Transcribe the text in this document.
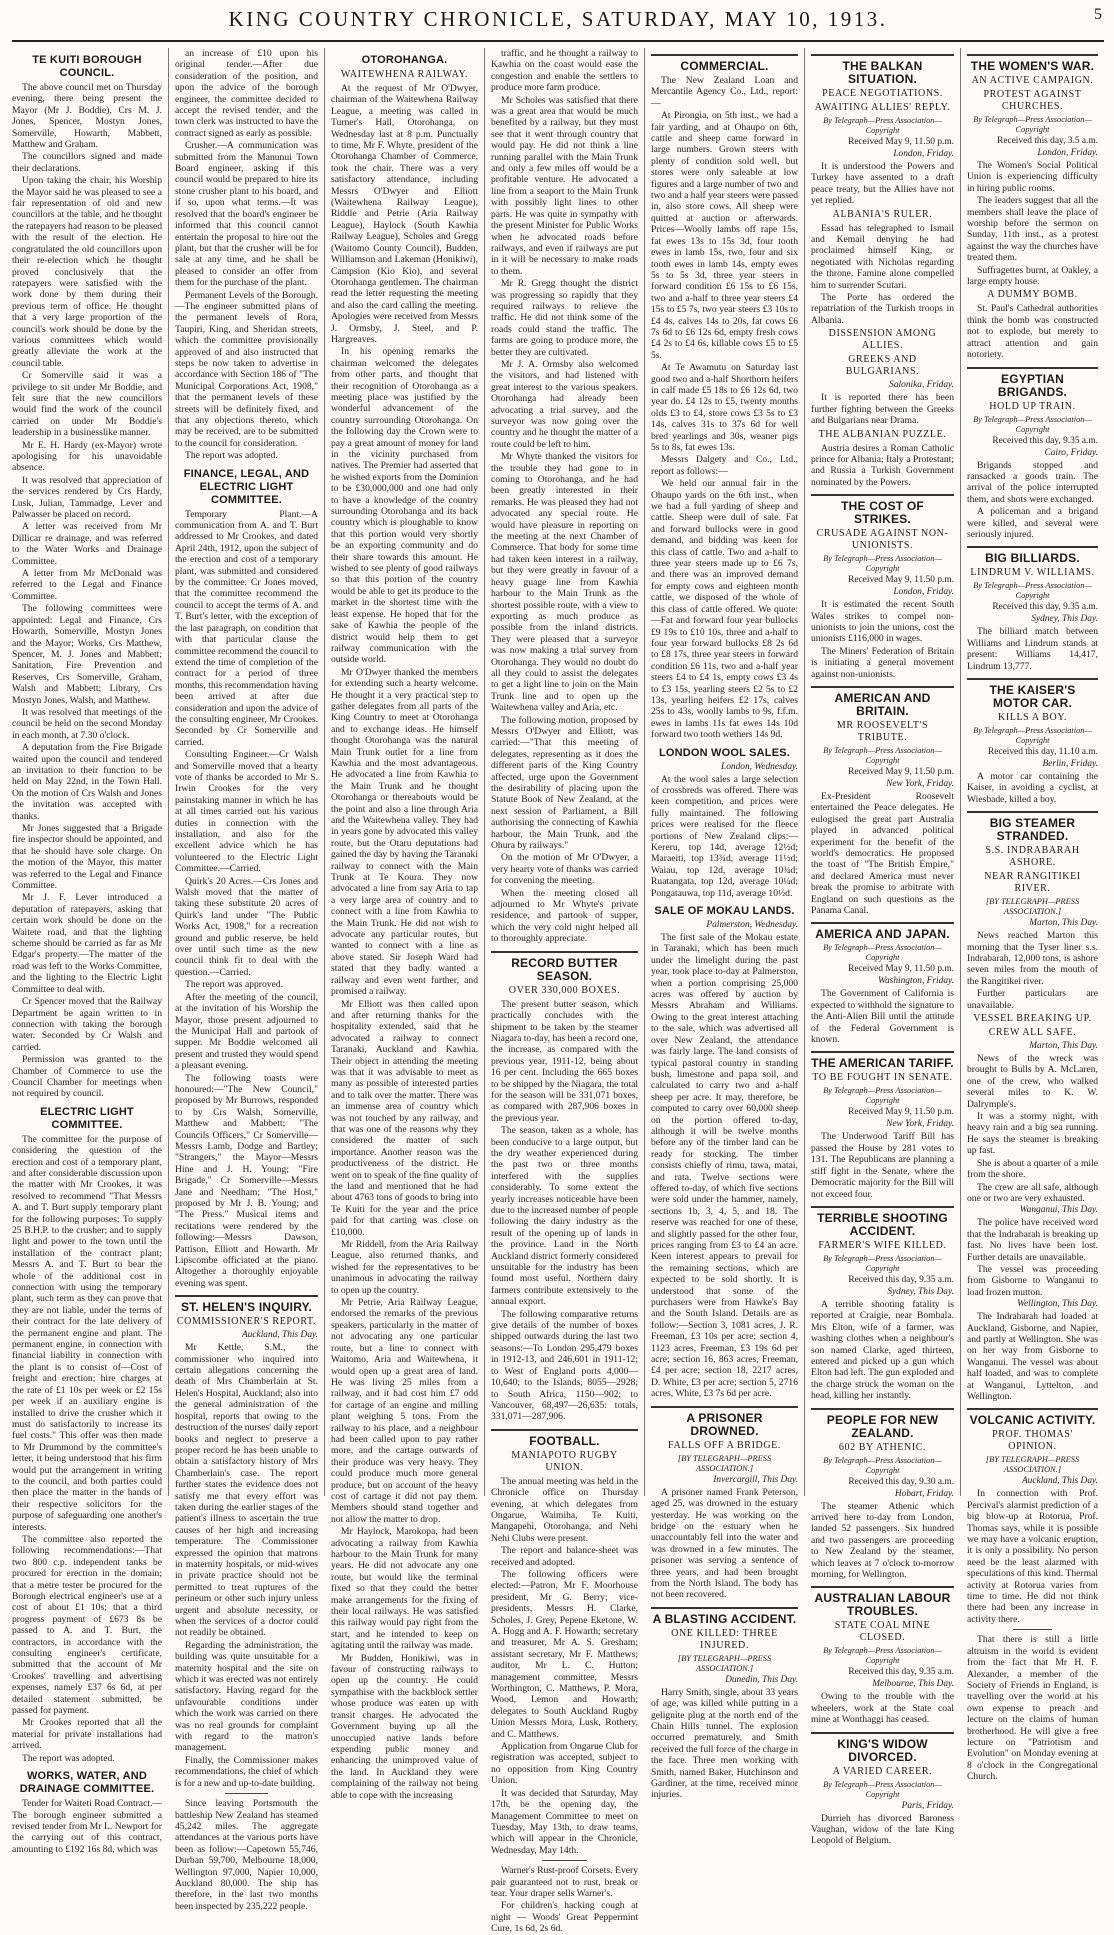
KING COUNTRY CHRONICLE, SATURDAY, MAY 10, 1913.	5
TE KUITI BOROUGH COUNCIL.

The above council met on Thursday evening, there being present the Mayor (Mr J. Boddie), Crs M. J. Jones, Spencer, Mostyn Jones, Somerville, Howarth, Mabbett, Matthew and Graham.

The councillors signed and made their declarations.

Upon taking the chair, his Worship the Mayor said he was pleased to see a fair representation of old and new councillors at the table, and he thought the ratepayers had reason to be pleased with the result of the election. He congratulated the old councillors upon their re-election which he thought proved conclusively that the ratepayers were satisfied with the work done by them during their previous term of office. He thought that a very large proportion of the council's work should be done by the various committees which would greatly alleviate the work at the council table.

Cr Somerville said it was a privilege to sit under Mr Boddie, and felt sure that the new councillors would find the work of the council carried on under Mr Boddie's leadership in a businesslike manner.

Mr E. H. Hardy (ex-Mayor) wrote apologising for his unavoidable absence.

It was resolved that appreciation of the services rendered by Crs Hardy, Lusk, Julian, Tammadge, Lever and Palwasser be placed on record.

A letter was received from Mr Dillicar re drainage, and was referred to the Water Works and Drainage Committee.

A letter from Mr McDonald was referred to the Legal and Finance Committee.

The following committees were appointed: Legal and Finance, Crs Howarth, Somerville, Mostyn Jones and the Mayor; Works, Crs Matthew, Spencer, M. J. Jones and Mabbett; Sanitation, Fire Prevention and Reserves, Crs Somerville, Graham, Walsh and Mabbett; Library, Crs Mostyn Jones, Walsh, and Matthew.

It was resolved that meetings of the council be held on the second Monday in each month, at 7.30 o'clock.

A deputation from the Fire Brigade waited upon the council and tendered an invitation to their function to be held on May 22nd, in the Town Hall. On the motion of Crs Walsh and Jones the invitation was accepted with thanks.

Mr Jones suggested that a Brigade fire inspector should be appointed, and that he should have sole charge. On the motion of the Mayor, this matter was referred to the Legal and Finance Committee.

Mr J. F. Lever introduced a deputation of ratepayers, asking that certain work should be done on the Waitete road, and that the lighting scheme should be carried as far as Mr Edgar's property.—The matter of the road was left to the Works Committee, and the lighting to the Electric Light Committee to deal with.

Cr Spencer moved that the Railway Department be again written to in connection with taking the borough water. Seconded by Cr Walsh and carried.

Permission was granted to the Chamber of Commerce to use the Council Chamber for meetings when not required by council.

ELECTRIC LIGHT COMMITTEE.

The committee for the purpose of considering the question of the erection and cost of a temporary plant, and after considerable discussion upon the matter with Mr Crookes, it was resolved to recommend "That Messrs A. and T. Burt supply temporary plant for the following purposes: To supply 25 B.H.P. to the crusher; and to supply light and power to the town until the installation of the contract plant; Messrs A. and T. Burt to bear the whole of the additional cost in connection with using the temporary plant, such term as they can prove that they are not liable, under the terms of their contract for the late delivery of the permanent engine and plant. The permanent engine, in connection with financial liability in connection with the plant is to consist of—Cost of freight and erection; hire charges at the rate of £1 10s per week or £2 15s per week if an auxiliary engine is installed to drive the crusher which it must do satisfactorily to increase its fuel costs." This offer was then made to Mr Drummond by the committee's letter, it being understood that his firm would put the arrangement in writing to the council, and both parties could then place the matter in the hands of their respective solicitors for the purpose of safeguarding one another's interests.

The committee also reported the following recommendations:—That two 800 c.p. independent tanks be procured for erection in the domain; that a metre tester be procured for the Borough electrical engineer's use at a cost of about £1 10s; that a third progress payment of £673 8s be passed to A. and T. Burt, the contractors, in accordance with the consulting engineer's certificate, submitted that the account of Mr Crookes' travelling and advertising expenses, namely £37 6s 6d, at per detailed statement submitted, be passed for payment.

Mr Crookes reported that all the material for private installations had arrived.

The report was adopted.

WORKS, WATER, AND DRAINAGE COMMITTEE.

Tender for Waiteti Road Contract.—The borough engineer submitted a revised tender from Mr L. Newport for the carrying out of this contract, amounting to £192 16s 8d, which was

an increase of £10 upon his original tender.—After due consideration of the position, and upon the advice of the borough engineer, the committee decided to accept the revised tender, and the town clerk was instructed to have the contract signed as early as possible.

Crusher.—A communication was submitted from the Manunui Town Board engineer, asking if this council would be prepared to hire its stone crusher plant to his board, and if so, upon what terms.—It was resolved that the board's engineer be informed that this council cannot entertain the proposal to hire out the plant, but that the crusher will be for sale at any time, and he shall be pleased to consider an offer from them for the purchase of the plant.

Permanent Levels of the Borough.—The engineer submitted plans of the permanent levels of Rora, Taupiri, King, and Sheridan streets, which the committee provisionally approved of and also instructed that steps be now taken to advertise in accordance with Section 186 of "The Municipal Corporations Act, 1908," that the permanent levels of these streets will be definitely fixed, and that any objections thereto, which may be received, are to be submitted to the council for consideration.

The report was adopted.

FINANCE, LEGAL, AND ELECTRIC LIGHT COMMITTEE.

Temporary Plant.—A communication from A. and T. Burt addressed to Mr Crookes, and dated April 24th, 1912, upon the subject of the erection and cost of a temporary plant, was submitted and considered by the committee. Cr Jones moved, that the committee recommend the council to accept the terms of A. and T. Burt's letter, with the exception of the last paragraph, on condition that with that particular clause the committee recommend the council to extend the time of completion of the contract for a period of three months, this recommendation having been arrived at after due consideration and upon the advice of the consulting engineer, Mr Crookes. Seconded by Cr Somerville and carried.

Consulting Engineer.—Cr Walsh and Somerville moved that a hearty vote of thanks be accorded to Mr S. Irwin Crookes for the very painstaking manner in which he has at all times carried out his various duties in connection with the installation, and also for the excellent advice which he has volunteered to the Electric Light Committee.—Carried.

Quirk's 20 Acres.—Crs Jones and Walsh moved that the matter of taking these substitute 20 acres of Quirk's land under "The Public Works Act, 1908," for a recreation ground and public reserve, be held over until such time as the new council think fit to deal with the question.—Carried.

The report was approved.

After the meeting of the council, at the invitation of his Worship the Mayor, those present adjourned to the Municipal Hall and partook of supper. Mr Boddie welcomed all present and trusted they would spend a pleasant evening.

The following toasts were honoured:—"The New Council," proposed by Mr Burrows, responded to by Crs Walsh, Somerville, Matthew and Mabbett; "The Councils Officers," Cr Somerville—Messrs Lamb, Dodge and Bartley; "Strangers," the Mayor—Messrs Hine and J. H. Young; "Fire Brigade," Cr Somerville—Messrs Jane and Needham; "The Host," proposed by Mr J. B. Young; and "The Press." Musical items and recitations were rendered by the following:—Messrs Dawson, Pattison, Elliott and Howarth. Mr Lipscombe officiated at the piano. Altogether a thoroughly enjoyable evening was spent.

ST. HELEN'S INQUIRY.
COMMISSIONER'S REPORT.
Auckland, This Day.

Mr Kettle, S.M., the commissioner who inquired into certain allegations concerning the death of Mrs Chamberlain at St. Helen's Hospital, Auckland; also into the general administration of the hospital, reports that owing to the destruction of the nurses' daily report books and neglect to preserve a proper record he has been unable to obtain a satisfactory history of Mrs Chamberlain's case. The report further states the evidence does not satisfy me that every effort was taken during the earlier stages of the patient's illness to ascertain the true causes of her high and increasing temperature. The Commissioner expressed the opinion that matrons in maternity hospitals, or mid-wives in private practice should not be permitted to treat ruptures of the perineum or other such injury unless urgent and absolute necessity, or when the services of a doctor could not readily be obtained.

Regarding the administration, the building was quite unsuitable for a maternity hospital and the site on which it was erected was not entirely satisfactory. Having regard for the unfavourable conditions under which the work was carried on there was no real grounds for complaint with regard to the matron's management.

Finally, the Commissioner makes recommendations, the chief of which is for a new and up-to-date building.

Since leaving Portsmouth the battleship New Zealand has steamed 45,242 miles. The aggregate attendances at the various ports have been as follow:—Capetown 55,746, Durban 59,700, Melbourne 18,000, Wellington 97,000, Napier 10,000, Auckland 80,000. The ship has therefore, in the last two months been inspected by 235,222 people.

OTOROHANGA.
WAITEWHENA RAILWAY.

At the request of Mr O'Dwyer, chairman of the Waitewhena Railway League, a meeting was called in Turner's Hall, Otorohanga, on Wednesday last at 8 p.m. Punctually to time, Mr F. Whyte, president of the Otorohanga Chamber of Commerce, took the chair. There was a very satisfactory attendance, including Messrs O'Dwyer and Elliott (Waitewhena Railway League), Riddle and Petrie (Aria Railway League), Haylock (South Kawhia Railway League), Scholes and Gregg (Waitomo County Council), Budden, Williamson and Lakeman (Honikiwi), Campsion (Kio Kio), and several Otorohanga gentlemen. The chairman read the letter requesting the meeting and also the card calling the meeting. Apologies were received from Messrs J. Ormsby, J. Steel, and P. Hargreaves.

In his opening remarks the chairman welcomed the delegates from other parts, and thought that their recognition of Otorohanga as a meeting place was justified by the wonderful advancement of the country surrounding Otorohanga. On the following day the Crown were to pay a great amount of money for land in the vicinity purchased from natives. The Premier had asserted that he wished exports from the Dominion to be £30,000,000 and one had only to have a knowledge of the country surrounding Otorohanga and its back country which is ploughable to know that this portion would very shortly be an exporting community and do their share towards this amount. He wished to see plenty of good railways so that this portion of the country would be able to get its produce to the market in the shortest time with the least expense. He hoped that for the sake of Kawhia the people of the district would help them to get railway communication with the outside world.

Mr O'Dwyer thanked the members for extending such a hearty welcome. He thought it a very practical step to gather delegates from all parts of the King Country to meet at Otorohanga and to exchange ideas. He himself thought Otorohanga was the natural Main Trunk outlet for a line from Kawhia and the most advantageous. He advocated a line from Kawhia to the Main Trunk and he thought Otorohanga or thereabouts would be the point and also a line through Aria and the Waitewhena valley. They had in years gone by advocated this valley route, but the Otaru deputations had gained the day by having the Taranaki railway to connect with the Main Trunk at Te Koura. They now advocated a line from say Aria to tap a very large area of country and to connect with a line from Kawhia to the Main Trunk. He did not wish to advocate any particular routes, but wanted to connect with a line as above stated. Sir Joseph Ward had stated that they badly wanted a railway and even went further, and promised a railway.

Mr Elliott was then called upon and after returning thanks for the hospitality extended, said that he advocated a railway to connect Taranaki, Auckland and Kawhia. Their object in attending the meeting was that it was advisable to meet as many as possible of interested parties and to talk over the matter. There was an immense area of country which was not touched by any railway, and that was one of the reasons why they considered the matter of such importance. Another reason was the productiveness of the district. He went on to speak of the fine quality of the land and mentioned that he had about 4763 tons of goods to bring into Te Kuiti for the year and the price paid for that carting was close on £10,000.

Mr Riddell, from the Aria Railway League, also returned thanks, and wished for the representatives to be unanimous in advocating the railway to open up the country.

Mr Petrie, Aria Railway League, endorsed the remarks of the previous speakers, particularly in the matter of not advocating any one particular route, but a line to connect with Waitomo, Aria and Waitewhena, it would open up a great area of land. He was living 25 miles from a railway, and it had cost him £7 odd for cartage of an engine and milling plant weighing 5 tons. From the railway to his place, and a neighbour had been called upon to pay rather more, and the cartage outwards of their produce was very heavy. They could produce much more general produce, but on account of the heavy cost of cartage it did not pay them. Members should stand together and not allow the matter to drop.

Mr Haylock, Marokopa, had been advocating a railway from Kawhia harbour to the Main Trunk for many years. He did not advocate any one route, but would like the terminal fixed so that they could the better make arrangements for the fixing of their local railways. He was satisfied this railway would pay right from the start, and he intended to keep on agitating until the railway was made.

Mr Budden, Honikiwi, was in favour of constructing railways to open up the country. He could sympathise with the backblock settler whose produce was eaten up with transit charges. He advocated the Government buying up all the unoccupied native lands before expending public money and enhancing the unimproved value of the land. In Auckland they were complaining of the railway not being able to cope with the increasing

traffic, and he thought a railway to Kawhia on the coast would ease the congestion and enable the settlers to produce more farm produce.

Mr Scholes was satisfied that there was a great area that would be much benefited by a railway, but they must see that it went through country that would pay. He did not think a line running parallel with the Main Trunk and only a few miles off would be a profitable venture. He advocated a line from a seaport to the Main Trunk with possibly light lines to other parts. He was quite in sympathy with the present Minister for Public Works when he advocated roads before railways, and even if railways are put in it will be necessary to make roads to them.

Mr R. Gregg thought the district was progressing so rapidly that they required railways to relieve the traffic. He did not think some of the roads could stand the traffic. The farms are going to produce more, the better they are cultivated.

Mr J. A. Ormsby also welcomed the visitors, and had listened with great interest to the various speakers. Otorohanga had already been advocating a trial survey, and the surveyor was now going over the country and he thought the matter of a route could be left to him.

Mr Whyte thanked the visitors for the trouble they had gone to in coming to Otorohanga, and he had been greatly interested in their remarks. He was pleased they had not advocated any special route. He would have pleasure in reporting on the meeting at the next Chamber of Commerce. That body for some time had taken keen interest in a railway, but they were greatly in favour of a heavy guage line from Kawhia harbour to the Main Trunk as the shortest possible route, with a view to exporting as much produce as possible from the inland districts. They were pleased that a surveyor was now making a trial survey from Otorohanga. They would no doubt do all they could to assist the delegates to get a light line to join on the Main Trunk line and to open up the Waitewhena valley and Aria, etc.

The following motion, proposed by Messrs O'Dwyer and Elliott, was carried:—"That this meeting of delegates, representing as it does the different parts of the King Country affected, urge upon the Government the desirability of placing upon the Statute Book of New Zealand, at the next session of Parliament, a Bill authorising the connecting of Kawhia harbour, the Main Trunk, and the Ohura by railways."

On the motion of Mr O'Dwyer, a very hearty vote of thanks was carried for convening the meeting.

When the meeting closed all adjourned to Mr Whyte's private residence, and partook of supper, which the very cold night helped all to thoroughly appreciate.

RECORD BUTTER SEASON.
OVER 330,000 BOXES.

The present butter season, which practically concludes with the shipment to be taken by the steamer Niagara to-day, has been a record one, the increase, as compared with the previous year, 1911-12, being about 16 per cent. Including the 665 boxes to be shipped by the Niagara, the total for the season will be 331,071 boxes, as compared with 287,906 boxes in the previous year.

The season, taken as a whole, has been conducive to a large output, but the dry weather experienced during the past two or three months interfered with the supplies considerably. To some extent the yearly increases noticeable have been due to the increased number of people following the dairy industry as the result of the opening up of lands in the province. Land in the North Auckland district formerly considered unsuitable for the industry has been found most useful. Northern dairy farmers contribute extensively to the annual export.

The following comparative returns give details of the number of boxes shipped outwards during the last two seasons:—To London 295,479 boxes in 1912-13, and 246,601 in 1911-12; to West of England ports 4,000—10,640; to the Islands, 8055—2928; to South Africa, 1150—902; to Vancouver, 68,497—26,635: totals, 331,071—287,906.

FOOTBALL.
MANIAPOTO RUGBY UNION.

The annual meeting was held in the Chronicle office on Thursday evening, at which delegates from Ongarue, Waimiha, Te Kuiti, Mangapehi, Otorohanga, and Nehi Nehi Clubs were present.

The report and balance-sheet was received and adopted.

The following officers were elected:—Patron, Mr F. Moorhouse president, Mr G. Berry; vice-presidents, Messrs H. Clarke, Scholes, J. Grey, Pepene Eketone, W. A. Hogg and A. F. Howarth; secretary and treasurer, Mr A. S. Gresham; assistant secretary, Mr F. Matthews; auditor, Mr L. C. Hutton; management committee, Messrs Worthington, C. Matthews, P. Mora, Wood, Lemon and Howarth; delegates to South Auckland Rugby Union Messrs Mora, Lusk, Rothery, and C. Matthews.

Application from Ongarue Club for registration was accepted, subject to no opposition from King Country Union.

It was decided that Saturday, May 17th, be the opening day, the Management Committee to meet on Tuesday, May 13th, to draw teams, which will appear in the Chronicle, Wednesday, May 14th.

Warner's Rust-proof Corsets. Every pair guaranteed not to rust, break or tear. Your draper sells Warner's.

For children's hacking cough at night — Woods' Great Peppermint Cure, 1s 6d, 2s 6d.

COMMERCIAL.

The New Zealand Loan and Mercantile Agency Co., Ltd., report:—

At Pirongia, on 5th inst., we had a fair yarding, and at Ohaupo on 6th, cattle and sheep came forward in large numbers. Grown steers with plenty of condition sold well, but stores were only saleable at low figures and a large number of two and two and a half year steers were passed in, also store cows. All sheep were quitted at auction or afterwards. Prices—Woolly lambs off rape 15s, fat ewes 13s to 15s 3d, four tooth ewes in lamb 15s, two, four and six tooth ewes in lamb 14s, empty ewes 5s to 5s 3d, three year steers in forward condition £6 15s to £6 15s, two and a-half to three year steers £4 15s to £5 7s, two year steers £3 10s to £4 4s, calves 14s to 20s, fat cows £6 7s 6d to £6 12s 6d, empty fresh cows £4 2s to £4 6s, killable cows £5 to £5 5s.

At Te Awamutu on Saturday last good two and a-half Shorthorn heifers in calf made £5 18s to £6 12s 6d, two year do. £4 12s to £5, twenty months olds £3 to £4, store cows £3 5s to £3 14s, calves 31s to 37s 6d for well bred yearlings and 30s, weaner pigs 5s to 8s, fat ewes 13s.

Messrs Dalgety and Co., Ltd., report as follows:—

We held our annual fair in the Ohaupo yards on the 6th inst., when we had a full yarding of sheep and cattle. Sheep were dull of sale. Fat and forward bullocks were in good demand, and bidding was keen for this class of cattle. Two and a-half to three year steers made up to £6 7s, and there was an improved demand for empty cows and eighteen month cattle, we disposed of the whole of this class of cattle offered. We quote:—Fat and forward four year bullocks £9 19s to £10 10s, three and a-half to four year forward bullocks £8 2s 6d to £8 17s, three year steers in forward condition £6 11s, two and a-half year steers £4 to £4 1s, empty cows £3 4s to £3 15s, yearling steers £2 5s to £2 13s, yearling heifers £2 17s, calves 25s to 43s, woolly lambs to 9s, f.f.m. ewes in lambs 11s fat ewes 14s 10d forward two tooth wethers 14s 9d.

LONDON WOOL SALES.
London, Wednesday.

At the wool sales a large selection of crossbreds was offered. There was keen competition, and prices were fully maintained. The following prices were realised for the fleece portions of New Zealand clips:—Kereru, top 14d, average 12½d; Maraeiti, top 13¾d, average 11½d; Waiau, top 12d, average 10¾d; Ruatangata, top 12d, average 10¼d; Pongatauwa, top 11d, average 10½d.

SALE OF MOKAU LANDS.
Palmerston, Wednesday.

The first sale of the Mokau estate in Taranaki, which has been much under the limelight during the past year, took place to-day at Palmerston, when a portion comprising 25,000 acres was offered by auction by Messrs Abraham and Williams. Owing to the great interest attaching to the sale, which was advertised all over New Zealand, the attendance was fairly large. The land consists of typical pastoral country in standing bush, limestone and papa soil, and calculated to carry two and a-half sheep per acre. It may, therefore, be computed to carry over 60,000 sheep on the portion offered to-day, although it will be twelve months before any of the timber land can be ready for stocking. The timber consists chiefly of rimu, tawa, matai, and rata. Twelve sections were offered to-day, of which five sections were sold under the hammer, namely, sections 1b, 3, 4, 5, and 18. The reserve was reached for one of these, and slightly passed for the other four, prices ranging from £3 to £4 an acre. Keen interest appears to prevail for the remaining sections, which are expected to be sold shortly. It is understood that some of the purchasers were from Hawke's Bay and the South Island. Details are as follow:—Section 3, 1081 acres, J. R. Freeman, £3 10s per acre; section 4, 1123 acres, Freeman, £3 19s 6d per acre; section 16, 863 acres, Freeman, £4 per acre; section 18, 2217 acres, D. White, £3 per acre; section 5, 2716 acres, White, £3 7s 6d per acre.

A PRISONER DROWNED.
FALLS OFF A BRIDGE.
[BY TELEGRAPH—PRESS ASSOCIATION.]
Invercargill, This Day.

A prisoner named Frank Peterson, aged 25, was drowned in the estuary yesterday. He was working on the bridge on the estuary when he unaccountably fell into the water and was drowned in a few minutes. The prisoner was serving a sentence of three years, and had been brought from the North Island. The body has not been recovered.

A BLASTING ACCIDENT.
ONE KILLED: THREE INJURED.
[BY TELEGRAPH—PRESS ASSOCIATION.]
Dunedin, This Day.

Harry Smith, single, about 33 years of age, was killed while putting in a gelignite plug at the north end of the Chain Hills tunnel. The explosion occurred prematurely, and Smith received the full force of the charge in the face. Three men working with Smith, named Baker, Hutchinson and Gardiner, at the time, received minor injuries.

THE BALKAN SITUATION.
PEACE NEGOTIATIONS.
AWAITING ALLIES' REPLY.
By Telegraph—Press Association—Copyright
Received May 9, 11.50 p.m.
London, Friday.

It is understood the Powers and Turkey have assented to a draft peace treaty, but the Allies have not yet replied.

ALBANIA'S RULER.

Essad has telegraphed to Ismail and Kemail denying he had proclaimed himself King, or negotiated with Nicholas regarding the throne. Famine alone compelled him to surrender Scutari.

The Porte has ordered the repatriation of the Turkish troops in Albania.

DISSENSION AMONG ALLIES.
GREEKS AND BULGARIANS.
Salonika, Friday.

It is reported there has been further fighting between the Greeks and Bulgarians near Drama.

THE ALBANIAN PUZZLE.

Austria desires a Roman Catholic prince for Albania; Italy a Protestant; and Russia a Turkish Government nominated by the Powers.

THE COST OF STRIKES.
CRUSADE AGAINST NON-UNIONISTS.
By Telegraph—Press Association—Copyright
Received May 9, 11.50 p.m.
London, Friday.

It is estimated the recent South Wales strikes to compel non-unionists to join the unions, cost the unionists £116,000 in wages.

The Miners' Federation of Britain is initiating a general movement against non-unionists.

AMERICAN AND BRITAIN.
MR ROOSEVELT'S TRIBUTE.
By Telegraph—Press Association—Copyright
Received May 9, 11.50 p.m.
New York, Friday.

Ex-President Roosevelt entertained the Peace delegates. He eulogised the great part Australia played in advanced political experiment for the benefit of the world's democratics. He proposed the toast of "The British Empire," and declared America must never break the promise to arbitrate with England on such questions as the Panama Canal.

AMERICA AND JAPAN.
By Telegraph—Press Association—Copyright
Received May 9, 11.50 p.m.
Washington, Friday.

The Government of California is expected to withhold the signature to the Anti-Alien Bill until the attitude of the Federal Government is known.

THE AMERICAN TARIFF.
TO BE FOUGHT IN SENATE.
By Telegraph—Press Association—Copyright
Received May 9, 11.50 p.m.
New York, Friday.

The Underwood Tariff Bill has passed the House by 281 votes to 131. The Republicans are planning a stiff fight in the Senate, where the Democratic majority for the Bill will not exceed four.

TERRIBLE SHOOTING ACCIDENT.
FARMER'S WIFE KILLED.
By Telegraph—Press Association—Copyright
Received this day, 9.35 a.m.
Sydney, This Day.

A terrible shooting fatality is reported at Craigie, near Bombala. Mrs Elton, wife of a farmer, was washing clothes when a neighbour's son named Clarke, aged thirteen, entered and picked up a gun which Elton had left. The gun exploded and the charge struck the woman on the head, killing her instantly.

PEOPLE FOR NEW ZEALAND.
602 BY ATHENIC.
By Telegraph—Press Association—Copyright
Received this day, 9.30 a.m.
Hobart, Friday.

The steamer Athenic which arrived here to-day from London, landed 52 passengers. Six hundred and two passengers are proceeding to New Zealand by the steamer, which leaves at 7 o'clock to-morrow morning, for Wellington.

AUSTRALIAN LABOUR TROUBLES.
STATE COAL MINE CLOSED.
By Telegraph—Press Association—Copyright
Received this day, 9.35 a.m.
Melbourne, This Day.

Owing to the trouble with the wheelers, work at the State coal mine at Wonthaggi has ceased.

KING'S WIDOW DIVORCED.
A VARIED CAREER.
By Telegraph—Press Association—Copyright
Paris, Friday.

Durrieh has divorced Baroness Vaughan, widow of the late King Leopold of Belgium.

THE WOMEN'S WAR.
AN ACTIVE CAMPAIGN.
PROTEST AGAINST CHURCHES.
By Telegraph—Press Association—Copyright
Received this day, 3.5 a.m.
London, Friday.

The Women's Social Political Union is experiencing difficulty in hiring public rooms.

The leaders suggest that all the members shall leave the place of worship before the sermon on Sunday, 11th inst., as a protest against the way the churches have treated them.

Suffragettes burnt, at Oakley, a large empty house.

A DUMMY BOMB.

St. Paul's Cathedral authorities think the bomb was constructed not to explode, but merely to attract attention and gain notoriety.

EGYPTIAN BRIGANDS.
HOLD UP TRAIN.
By Telegraph—Press Association—Copyright
Received this day, 9.35 a.m.
Cairo, Friday.

Brigands stopped and ransacked a goods train. The arrival of the police interrupted them, and shots were exchanged.

A policeman and a brigand were killed, and several were seriously injured.

BIG BILLIARDS.
LINDRUM V. WILLIAMS.
By Telegraph—Press Association—Copyright
Received this day, 9.35 a.m.
Sydney, This Day.

The billiard match between Williams and Lindrum stands at present: Williams 14,417, Lindrum 13,777.

THE KAISER'S MOTOR CAR.
KILLS A BOY.
By Telegraph—Press Association—Copyright
Received this day, 11.10 a.m.
Berlin, Friday.

A motor car containing the Kaiser, in avoiding a cyclist, at Wiesbade, killed a boy.

BIG STEAMER STRANDED.
S.S. INDRABARAH ASHORE.
NEAR RANGITIKEI RIVER.
[BY TELEGRAPH—PRESS ASSOCIATION.]
Marton, This Day.

News reached Marton this morning that the Tyser liner s.s. Indrabarah, 12,000 tons, is ashore seven miles from the mouth of the Rangitikei river.

Further particulars are unavailable.

VESSEL BREAKING UP.
CREW ALL SAFE.
Marton, This Day.

News of the wreck was brought to Bulls by A. McLaren, one of the crew, who walked several miles to K. W. Dalrymple's.

It was a stormy night, with heavy rain and a big sea running. He says the steamer is breaking up fast.

She is about a quarter of a mile from the shore.

The crew are all safe, although one or two are very exhausted.

Wanganui, This Day.

The police have received word that the Indrabarah is breaking up fast. No lives have been lost. Further details are unavailable.

The vessel was proceeding from Gisborne to Wanganui to load frozen mutton.

Wellington, This Day.

The Indrabarah had loaded at Auckland, Gisborne, and Napier, and partly at Wellington. She was on her way from Gisborne to Wanganui. The vessel was about half loaded, and was to complete at Wanganui, Lyttelton, and Wellington.

VOLCANIC ACTIVITY.
PROF. THOMAS' OPINION.
[BY TELEGRAPH—PRESS ASSOCIATION.]
Auckland, This Day.

In connection with Prof. Percival's alarmist prediction of a big blow-up at Rotorua, Prof. Thomas says, while it is possible we may have a volcanic eruption, it is only a possibility. No person need be the least alarmed with speculations of this kind. Thermal activity at Rotorua varies from time to time. He did not think there had been any increase in activity there.

That there is still a little altruism in the world is evident from the fact that Mr H. F. Alexander, a member of the Society of Friends in England, is travelling over the world at his own expense to preach and lecture on the claims of human brotherhood. He will give a free lecture on "Patriotism and Evolution" on Monday evening at 8 o'clock in the Congregational Church.
